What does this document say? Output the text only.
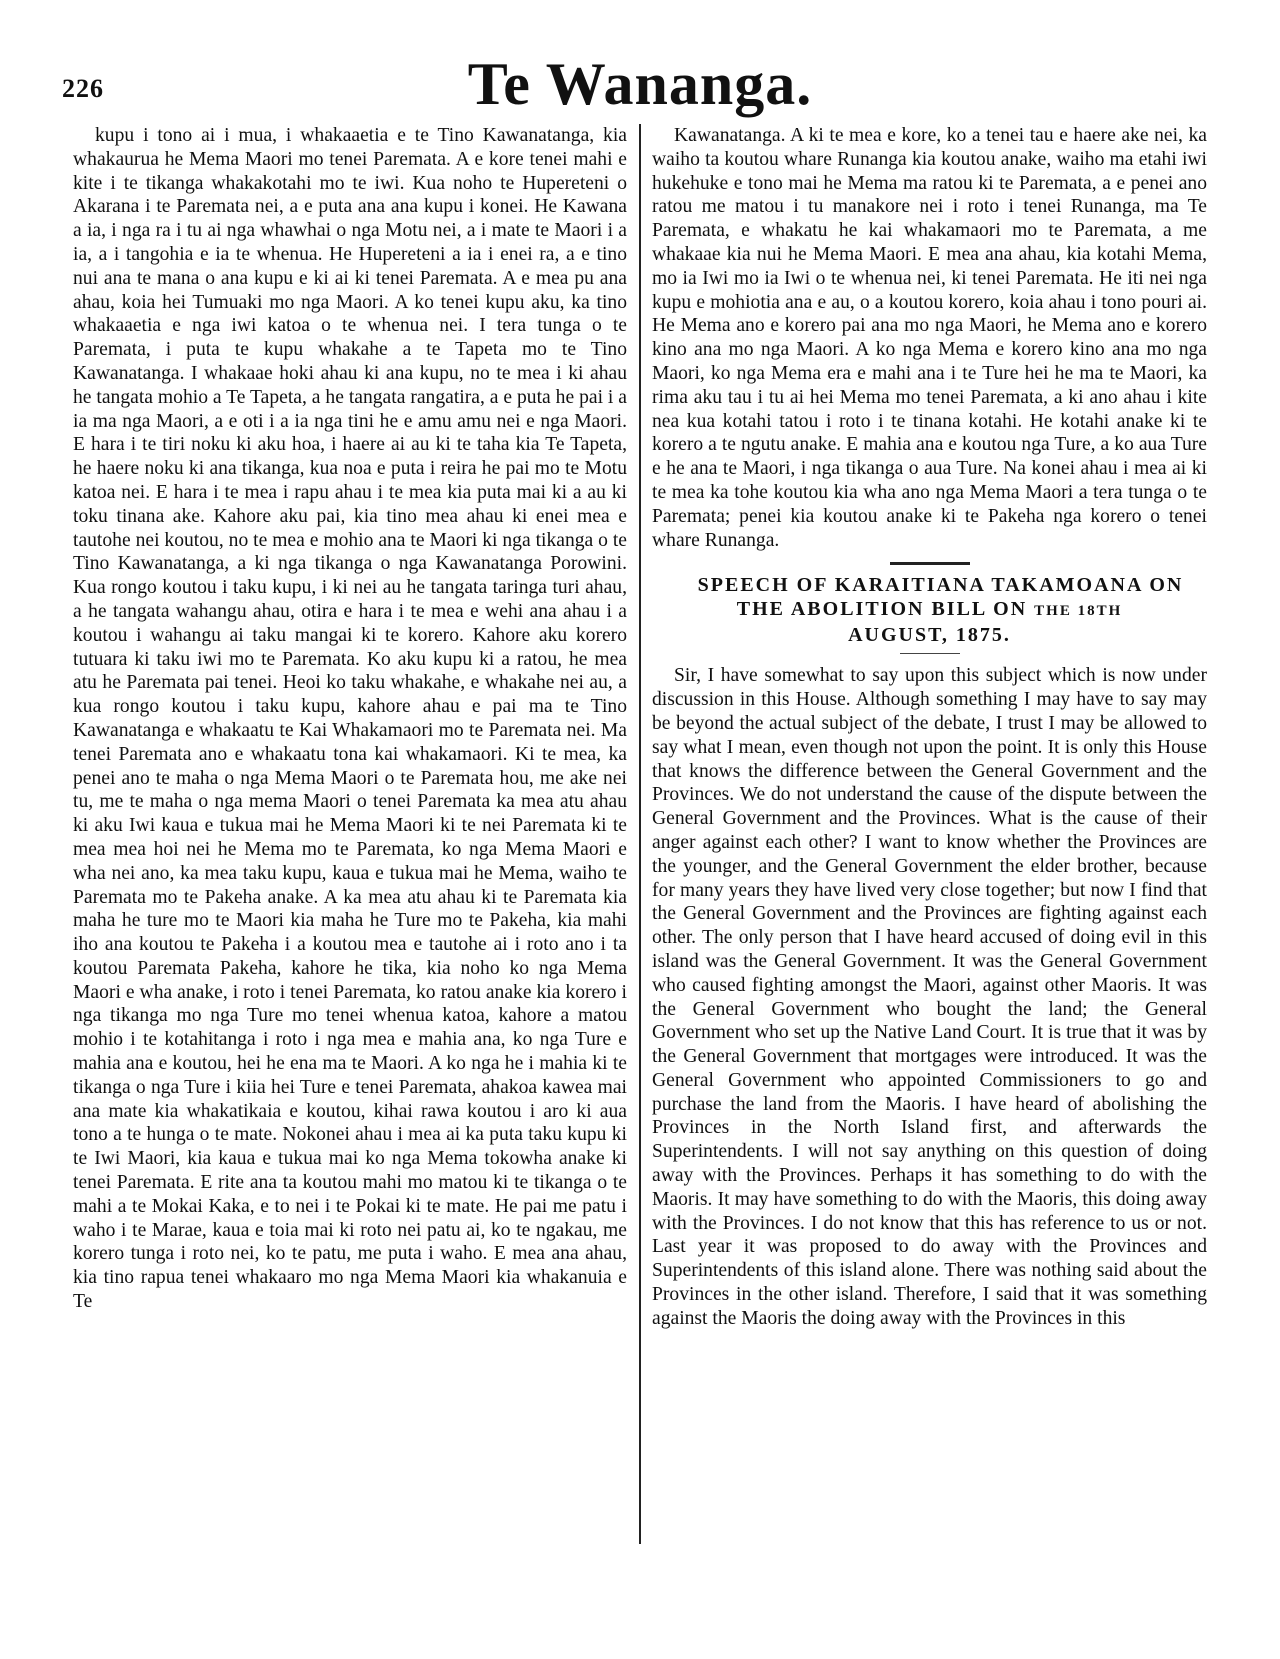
226	Te Wananga.

kupu i tono ai i mua, i whakaaetia e te Tino Kawanatanga, kia whakaurua he Mema Maori mo tenei Paremata. A e kore tenei mahi e kite i te tikanga whakakotahi mo te iwi. Kua noho te Hupereteni o Akarana i te Paremata nei, a e puta ana ana kupu i konei. He Kawana a ia, i nga ra i tu ai nga whawhai o nga Motu nei, a i mate te Maori i a ia, a i tangohia e ia te whenua. He Hupereteni a ia i enei ra, a e tino nui ana te mana o ana kupu e ki ai ki tenei Paremata. A e mea pu ana ahau, koia hei Tumuaki mo nga Maori. A ko tenei kupu aku, ka tino whakaaetia e nga iwi katoa o te whenua nei. I tera tunga o te Paremata, i puta te kupu whakahe a te Tapeta mo te Tino Kawanatanga. I whakaae hoki ahau ki ana kupu, no te mea i ki ahau he tangata mohio a Te Tapeta, a he tangata rangatira, a e puta he pai i a ia ma nga Maori, a e oti i a ia nga tini he e amu amu nei e nga Maori. E hara i te tiri noku ki aku hoa, i haere ai au ki te taha kia Te Tapeta, he haere noku ki ana tikanga, kua noa e puta i reira he pai mo te Motu katoa nei. E hara i te mea i rapu ahau i te mea kia puta mai ki a au ki toku tinana ake. Kahore aku pai, kia tino mea ahau ki enei mea e tautohe nei koutou, no te mea e mohio ana te Maori ki nga tikanga o te Tino Kawanatanga, a ki nga tikanga o nga Kawanatanga Porowini. Kua rongo koutou i taku kupu, i ki nei au he tangata taringa turi ahau, a he tangata wahangu ahau, otira e hara i te mea e wehi ana ahau i a koutou i wahangu ai taku mangai ki te korero. Kahore aku korero tutuara ki taku iwi mo te Paremata. Ko aku kupu ki a ratou, he mea atu he Paremata pai tenei. Heoi ko taku whakahe, e whakahe nei au, a kua rongo koutou i taku kupu, kahore ahau e pai ma te Tino Kawanatanga e whakaatu te Kai Whakamaori mo te Paremata nei. Ma tenei Paremata ano e whakaatu tona kai whakamaori. Ki te mea, ka penei ano te maha o nga Mema Maori o te Paremata hou, me ake nei tu, me te maha o nga mema Maori o tenei Paremata ka mea atu ahau ki aku Iwi kaua e tukua mai he Mema Maori ki te nei Paremata ki te mea mea hoi nei he Mema mo te Paremata, ko nga Mema Maori e wha nei ano, ka mea taku kupu, kaua e tukua mai he Mema, waiho te Paremata mo te Pakeha anake. A ka mea atu ahau ki te Paremata kia maha he ture mo te Maori kia maha he Ture mo te Pakeha, kia mahi iho ana koutou te Pakeha i a koutou mea e tautohe ai i roto ano i ta koutou Paremata Pakeha, kahore he tika, kia noho ko nga Mema Maori e wha anake, i roto i tenei Paremata, ko ratou anake kia korero i nga tikanga mo nga Ture mo tenei whenua katoa, kahore a matou mohio i te kotahitanga i roto i nga mea e mahia ana, ko nga Ture e mahia ana e koutou, hei he ena ma te Maori. A ko nga he i mahia ki te tikanga o nga Ture i kiia hei Ture e tenei Paremata, ahakoa kawea mai ana mate kia whakatikaia e koutou, kihai rawa koutou i aro ki aua tono a te hunga o te mate. Nokonei ahau i mea ai ka puta taku kupu ki te Iwi Maori, kia kaua e tukua mai ko nga Mema tokowha anake ki tenei Paremata. E rite ana ta koutou mahi mo matou ki te tikanga o te mahi a te Mokai Kaka, e to nei i te Pokai ki te mate. He pai me patu i waho i te Marae, kaua e toia mai ki roto nei patu ai, ko te ngakau, me korero tunga i roto nei, ko te patu, me puta i waho. E mea ana ahau, kia tino rapua tenei whakaaro mo nga Mema Maori kia whakanuia e Te

Kawanatanga. A ki te mea e kore, ko a tenei tau e haere ake nei, ka waiho ta koutou whare Runanga kia koutou anake, waiho ma etahi iwi hukehuke e tono mai he Mema ma ratou ki te Paremata, a e penei ano ratou me matou i tu manakore nei i roto i tenei Runanga, ma Te Paremata, e whakatu he kai whakamaori mo te Paremata, a me whakaae kia nui he Mema Maori. E mea ana ahau, kia kotahi Mema, mo ia Iwi mo ia Iwi o te whenua nei, ki tenei Paremata. He iti nei nga kupu e mohiotia ana e au, o a koutou korero, koia ahau i tono pouri ai. He Mema ano e korero pai ana mo nga Maori, he Mema ano e korero kino ana mo nga Maori. A ko nga Mema e korero kino ana mo nga Maori, ko nga Mema era e mahi ana i te Ture hei he ma te Maori, ka rima aku tau i tu ai hei Mema mo tenei Paremata, a ki ano ahau i kite nea kua kotahi tatou i roto i te tinana kotahi. He kotahi anake ki te korero a te ngutu anake. E mahia ana e koutou nga Ture, a ko aua Ture e he ana te Maori, i nga tikanga o aua Ture. Na konei ahau i mea ai ki te mea ka tohe koutou kia wha ano nga Mema Maori a tera tunga o te Paremata; penei kia koutou anake ki te Pakeha nga korero o tenei whare Runanga.

SPEECH OF KARAITIANA TAKAMOANA ON THE ABOLITION BILL ON THE 18TH
AUGUST, 1875.

Sir, I have somewhat to say upon this subject which is now under discussion in this House. Although something I may have to say may be beyond the actual subject of the debate, I trust I may be allowed to say what I mean, even though not upon the point. It is only this House that knows the difference between the General Government and the Provinces. We do not understand the cause of the dispute between the General Government and the Provinces. What is the cause of their anger against each other? I want to know whether the Provinces are the younger, and the General Government the elder brother, because for many years they have lived very close together; but now I find that the General Government and the Provinces are fighting against each other. The only person that I have heard accused of doing evil in this island was the General Government. It was the General Government who caused fighting amongst the Maori, against other Maoris. It was the General Government who bought the land; the General Government who set up the Native Land Court. It is true that it was by the General Government that mortgages were introduced. It was the General Government who appointed Commissioners to go and purchase the land from the Maoris. I have heard of abolishing the Provinces in the North Island first, and afterwards the Superintendents. I will not say anything on this question of doing away with the Provinces. Perhaps it has something to do with the Maoris. It may have something to do with the Maoris, this doing away with the Provinces. I do not know that this has reference to us or not. Last year it was proposed to do away with the Provinces and Superintendents of this island alone. There was nothing said about the Provinces in the other island. Therefore, I said that it was something against the Maoris the doing away with the Provinces in this
